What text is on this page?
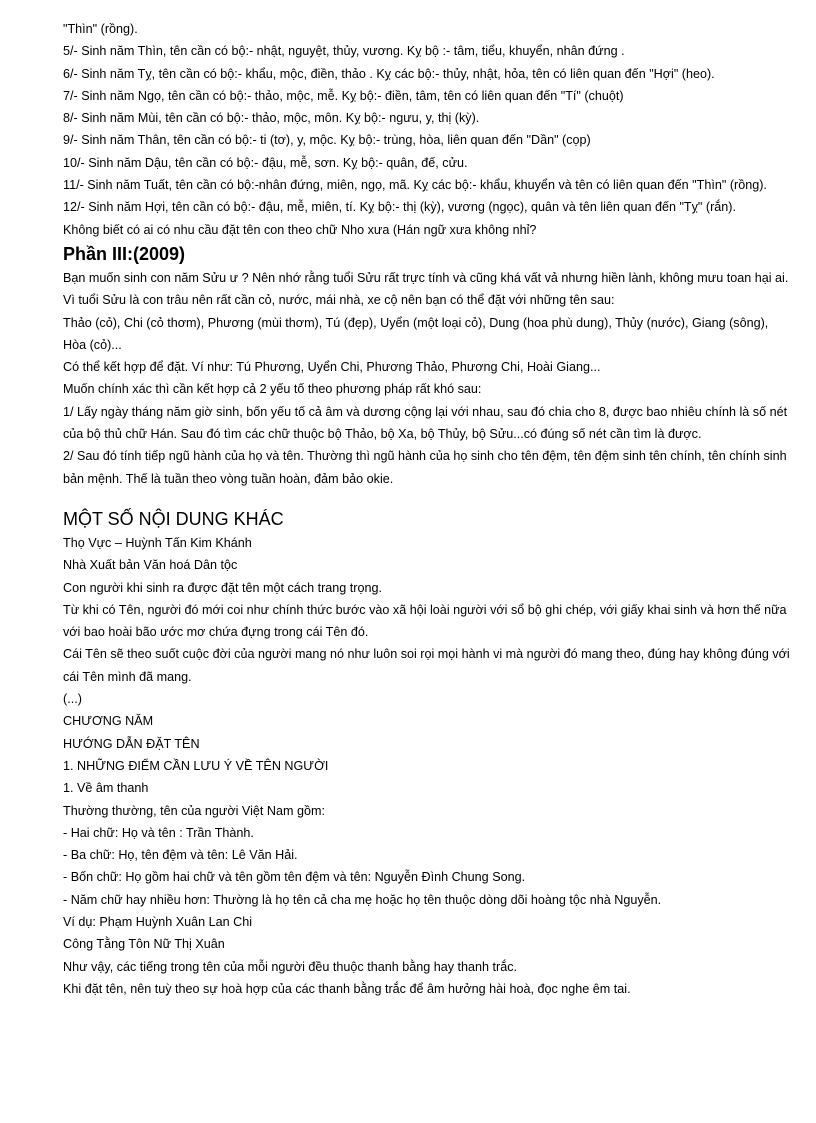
"Thìn" (rồng).

5/- Sinh năm Thìn, tên cần có bộ:- nhật, nguyệt, thủy, vương. Kỵ bộ :- tâm, tiểu, khuyển, nhân đứng .

6/- Sinh năm Tỵ, tên cần có bộ:- khẩu, mộc, điền, thảo . Kỵ các bộ:- thủy, nhật, hỏa, tên có liên quan đến "Hợi" (heo).

7/- Sinh năm Ngọ, tên cần có bộ:- thảo, mộc, mễ. Kỵ bộ:- điền, tâm, tên có liên quan đến "Tí" (chuột)

8/- Sinh năm Mùi, tên cần có bộ:- thảo, mộc, môn. Kỵ bộ:- ngưu, y, thị (kỳ).

9/- Sinh năm Thân, tên cần có bộ:- ti (tơ), y, mộc. Kỵ bộ:- trùng, hòa, liên quan đến "Dần" (cọp)

10/- Sinh năm Dậu, tên cần có bộ:- đậu, mễ, sơn. Kỵ bộ:- quân, đế, cửu.

11/- Sinh năm Tuất, tên cần có bộ:-nhân đứng, miên, ngọ, mã. Kỵ các bộ:- khẩu, khuyển và tên có liên quan đến "Thìn" (rồng).

12/- Sinh năm Hợi, tên cần có bộ:- đậu, mễ, miên, tí. Kỵ bộ:- thị (kỳ), vương (ngọc), quân và tên liên quan đến "Tỵ" (rắn).

Không biết có ai có nhu cầu đặt tên con theo chữ Nho xưa (Hán ngữ xưa không nhỉ?

Phần III:(2009)

Bạn muốn sinh con năm Sửu ư ? Nên nhớ rằng tuổi Sửu rất trực tính và cũng khá vất vả nhưng hiền lành, không mưu toan hại ai. Vì tuổi Sửu là con trâu nên rất cần cỏ, nước, mái nhà, xe cộ nên bạn có thể đặt với những tên sau:

Thảo (cỏ), Chi (cỏ thơm), Phương (mùi thơm), Tú (đẹp), Uyển (một loại cỏ), Dung (hoa phù dung), Thủy (nước), Giang (sông), Hòa (cỏ)...

Có thể kết hợp để đặt. Ví như: Tú Phương, Uyển Chi, Phương Thảo, Phương Chi, Hoài Giang...

Muốn chính xác thì cần kết hợp cả 2 yếu tố theo phương pháp rất khó sau:

1/ Lấy ngày tháng năm giờ sinh, bốn yếu tố cả âm và dương cộng lại với nhau, sau đó chia cho 8, được bao nhiêu chính là số nét của bộ thủ chữ Hán. Sau đó tìm các chữ thuộc bộ Thảo, bộ Xa, bộ Thủy, bộ Sửu...có đúng số nét cần tìm là được.

2/ Sau đó tính tiếp ngũ hành của họ và tên. Thường thì ngũ hành của họ sinh cho tên đệm, tên đệm sinh tên chính, tên chính sinh bản mệnh. Thế là tuần theo vòng tuần hoàn, đảm bảo okie.

MỘT SỐ NỘI DUNG KHÁC

Thọ Vực – Huỳnh Tấn Kim Khánh

Nhà Xuất bản Văn hoá Dân tộc

Con người khi sinh ra được đặt tên một cách trang trọng.

Từ khi có Tên, người đó mới coi như chính thức bước vào xã hội loài người với sổ bộ ghi chép, với giấy khai sinh và hơn thế nữa với bao hoài bão ước mơ chứa đựng trong cái Tên đó.

Cái Tên sẽ theo suốt cuộc đời của người mang nó như luôn soi rọi mọi hành vi mà người đó mang theo, đúng hay không đúng với cái Tên mình đã mang.

(...)

CHƯƠNG NĂM

HƯỚNG DẪN ĐẶT TÊN

1. NHỮNG ĐIỂM CẦN LƯU Ý VỀ TÊN NGƯỜI

1. Về âm thanh

Thường thường, tên của người Việt Nam gồm:

- Hai chữ: Họ và tên : Trần Thành.

- Ba chữ: Họ, tên đệm và tên: Lê Văn Hải.

- Bốn chữ: Họ gồm hai chữ và tên gồm tên đệm và tên: Nguyễn Đình Chung Song.

- Năm chữ hay nhiều hơn: Thường là họ tên cả cha mẹ hoặc họ tên thuộc dòng dõi hoàng tộc nhà Nguyễn.

Ví dụ: Phạm Huỳnh Xuân Lan Chi

Công Tằng Tôn Nữ Thị Xuân

Như vậy, các tiếng trong tên của mỗi người đều thuộc thanh bằng hay thanh trắc.

Khi đặt tên, nên tuỳ theo sự hoà hợp của các thanh bằng trắc để âm hưởng hài hoà, đọc nghe êm tai.
